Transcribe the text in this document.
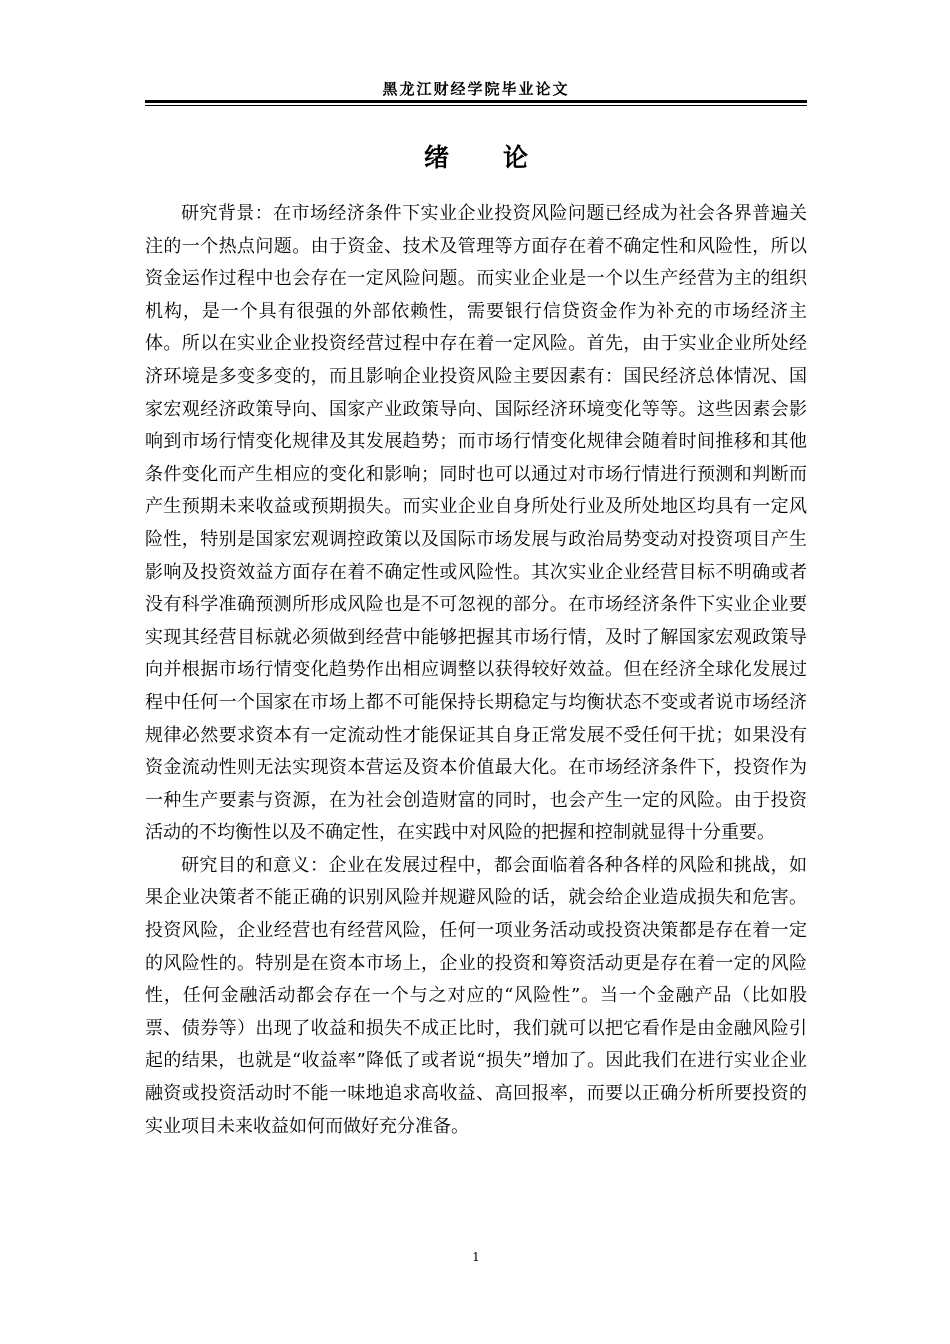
黑龙江财经学院毕业论文
绪论

研究背景：在市场经济条件下实业企业投资风险问题已经成为社会各界普遍关注的一个热点问题。由于资金、技术及管理等方面存在着不确定性和风险性，所以资金运作过程中也会存在一定风险问题。而实业企业是一个以生产经营为主的组织机构，是一个具有很强的外部依赖性，需要银行信贷资金作为补充的市场经济主体。所以在实业企业投资经营过程中存在着一定风险。首先，由于实业企业所处经济环境是多变多变的，而且影响企业投资风险主要因素有：国民经济总体情况、国家宏观经济政策导向、国家产业政策导向、国际经济环境变化等等。这些因素会影响到市场行情变化规律及其发展趋势；而市场行情变化规律会随着时间推移和其他条件变化而产生相应的变化和影响；同时也可以通过对市场行情进行预测和判断而产生预期未来收益或预期损失。而实业企业自身所处行业及所处地区均具有一定风险性，特别是国家宏观调控政策以及国际市场发展与政治局势变动对投资项目产生影响及投资效益方面存在着不确定性或风险性。其次实业企业经营目标不明确或者没有科学准确预测所形成风险也是不可忽视的部分。在市场经济条件下实业企业要实现其经营目标就必须做到经营中能够把握其市场行情，及时了解国家宏观政策导向并根据市场行情变化趋势作出相应调整以获得较好效益。但在经济全球化发展过程中任何一个国家在市场上都不可能保持长期稳定与均衡状态不变或者说市场经济规律必然要求资本有一定流动性才能保证其自身正常发展不受任何干扰；如果没有资金流动性则无法实现资本营运及资本价值最大化。在市场经济条件下，投资作为一种生产要素与资源，在为社会创造财富的同时，也会产生一定的风险。由于投资活动的不均衡性以及不确定性，在实践中对风险的把握和控制就显得十分重要。

研究目的和意义：企业在发展过程中，都会面临着各种各样的风险和挑战，如果企业决策者不能正确的识别风险并规避风险的话，就会给企业造成损失和危害。投资风险，企业经营也有经营风险，任何一项业务活动或投资决策都是存在着一定的风险性的。特别是在资本市场上，企业的投资和筹资活动更是存在着一定的风险性，任何金融活动都会存在一个与之对应的“风险性”。当一个金融产品（比如股票、债券等）出现了收益和损失不成正比时，我们就可以把它看作是由金融风险引起的结果，也就是“收益率”降低了或者说“损失”增加了。因此我们在进行实业企业融资或投资活动时不能一味地追求高收益、高回报率，而要以正确分析所要投资的实业项目未来收益如何而做好充分准备。

1
